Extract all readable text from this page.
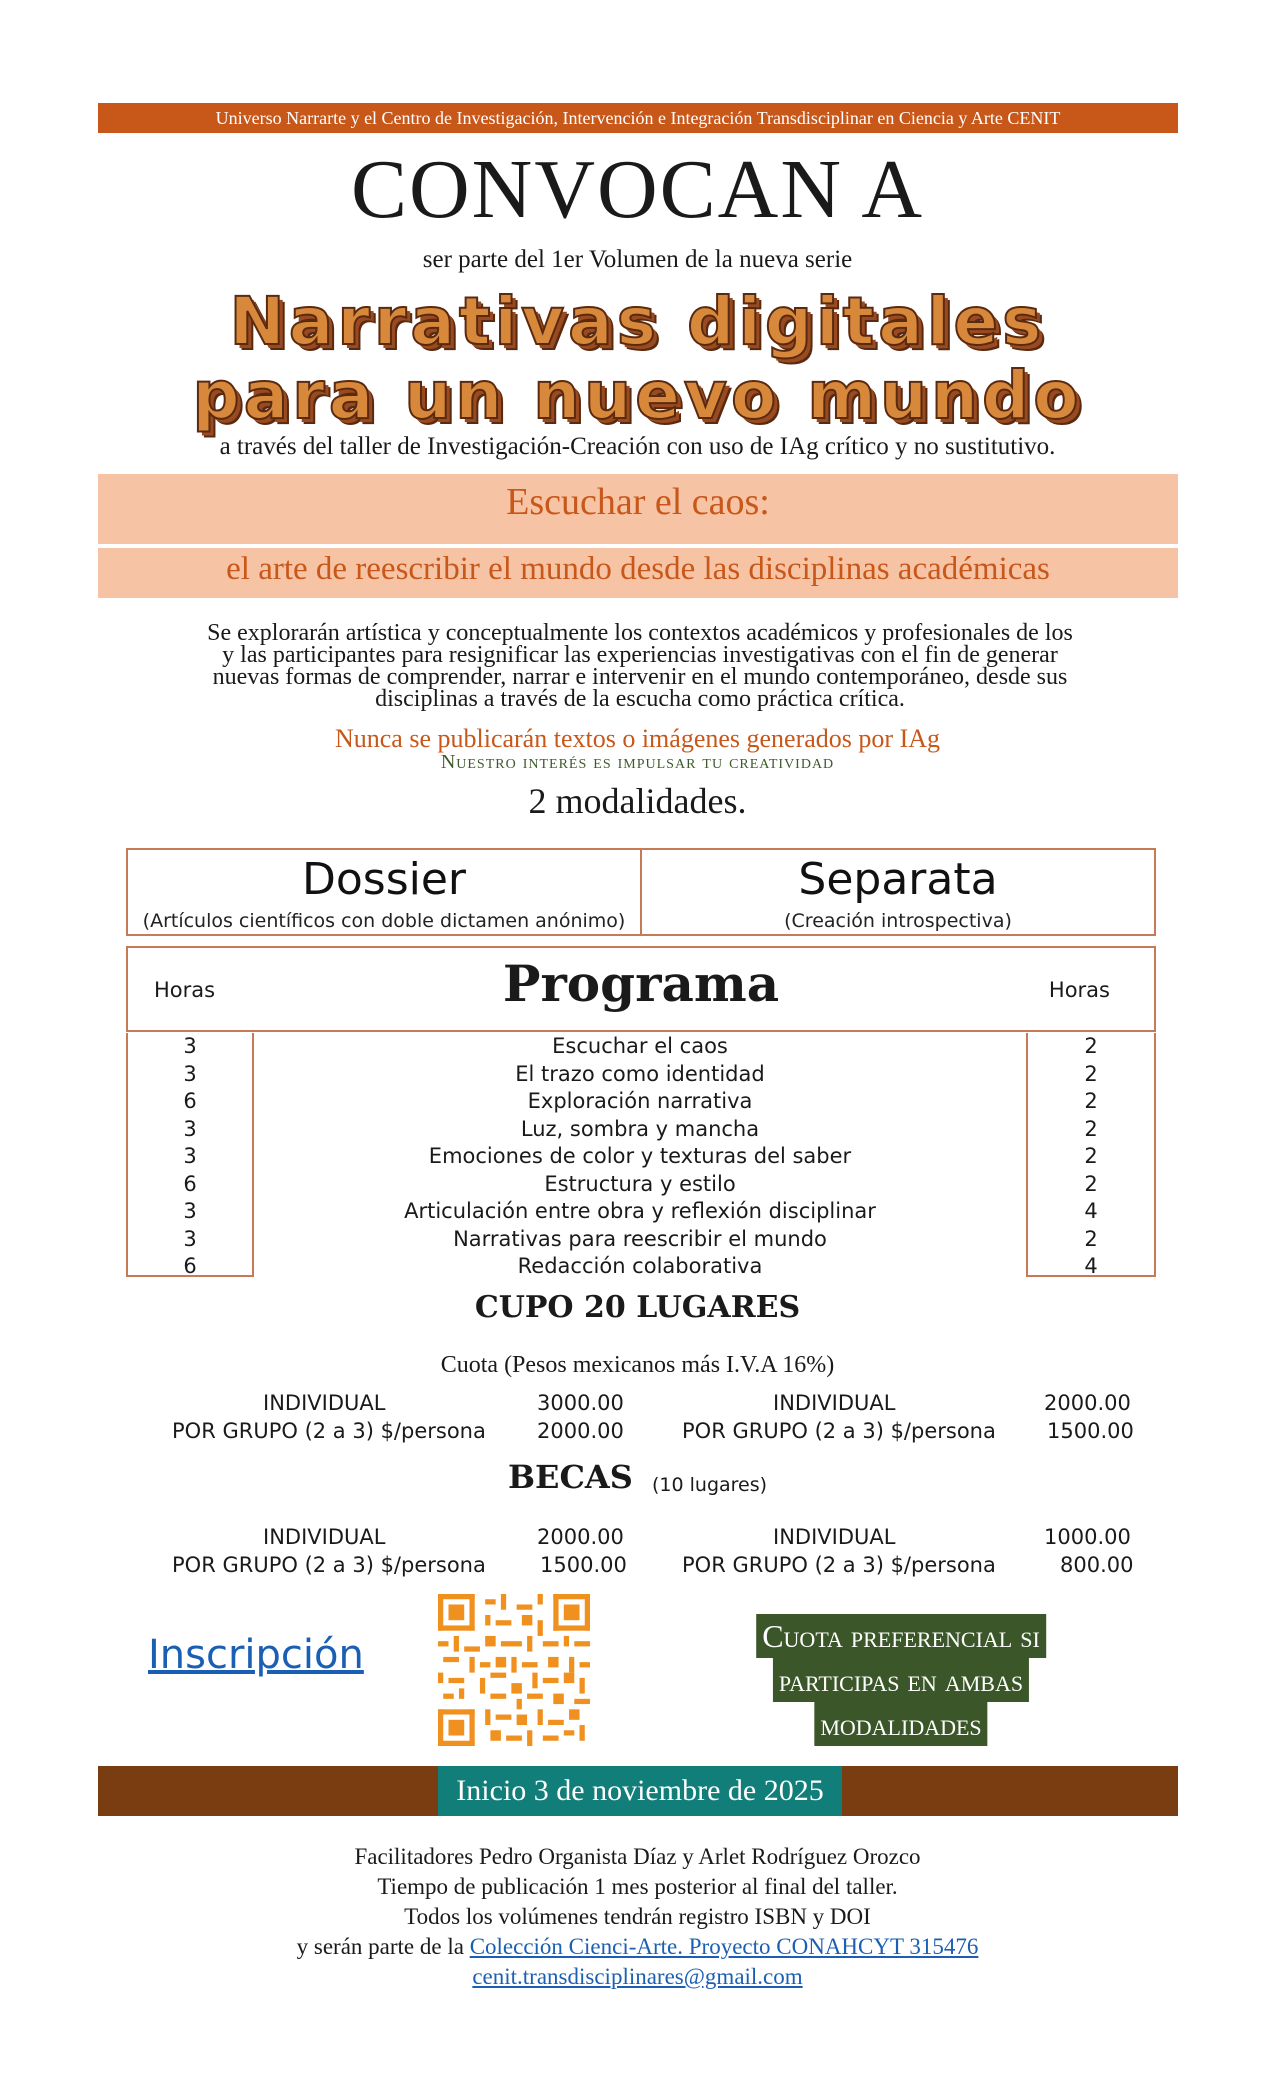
Universo Narrarte y el Centro de Investigación, Intervención e Integración Transdisciplinar en Ciencia y Arte CENIT
CONVOCAN A
ser parte del 1er Volumen de la nueva serie
Narrativas digitales
para un nuevo mundo
a través del taller de Investigación-Creación con uso de IAg crítico y no sustitutivo.
Escuchar el caos:
el arte de reescribir el mundo desde las disciplinas académicas
Se explorarán artística y conceptualmente los contextos académicos y profesionales de los
y las participantes para resignificar las experiencias investigativas con el fin de generar
nuevas formas de comprender, narrar e intervenir en el mundo contemporáneo, desde sus
disciplinas a través de la escucha como práctica crítica.
Nunca se publicarán textos o imágenes generados por IAg
Nuestro interés es impulsar tu creatividad
2 modalidades.
Dossier
(Artículos científicos con doble dictamen anónimo)
Separata
(Creación introspectiva)
Horas	Programa	Horas
3	Escuchar el caos	2
3	El trazo como identidad	2
6	Exploración narrativa	2
3	Luz, sombra y mancha	2
3	Emociones de color y texturas del saber	2
6	Estructura y estilo	2
3	Articulación entre obra y reflexión disciplinar	4
3	Narrativas para reescribir el mundo	2
6	Redacción colaborativa	4
CUPO 20 LUGARES
Cuota (Pesos mexicanos más I.V.A 16%)
INDIVIDUAL	3000.00
POR GRUPO (2 a 3) $/persona 2000.00
INDIVIDUAL	2000.00
POR GRUPO (2 a 3) $/persona 1500.00
BECAS (10 lugares)
INDIVIDUAL	2000.00
POR GRUPO (2 a 3) $/persona	1500.00
INDIVIDUAL	1000.00
POR GRUPO (2 a 3) $/persona	800.00
Inscripción	Cuota preferencial si
participas en ambas
modalidades
Inicio 3 de noviembre de 2025
Facilitadores Pedro Organista Díaz y Arlet Rodríguez Orozco
Tiempo de publicación 1 mes posterior al final del taller.
Todos los volúmenes tendrán registro ISBN y DOI
y serán parte de la Colección Cienci-Arte. Proyecto CONAHCYT 315476
cenit.transdisciplinares@gmail.com
